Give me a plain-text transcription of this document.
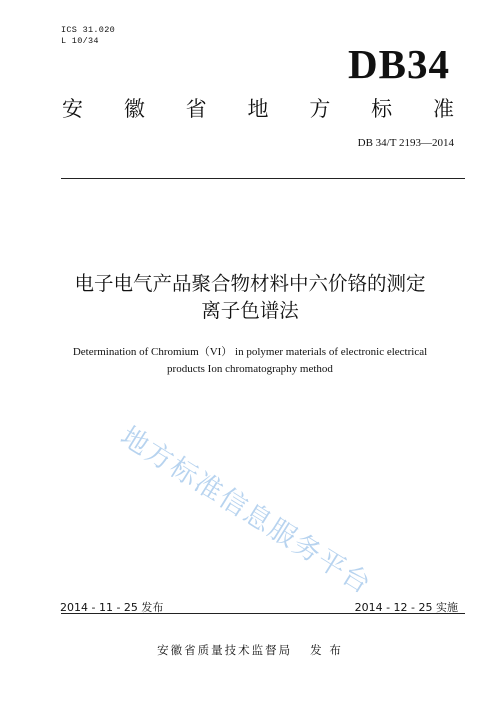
ICS 31.020
L 10/34	DB34
安 徽 省 地 方 标 准
DB 34/T 2193—2014
电子电气产品聚合物材料中六价铬的测定
离子色谱法
Determination of Chromium（VI） in polymer materials of electronic electrical
products Ion chromatography method
地方标准信息服务平台
2014 - 11 - 25 发布	2014 - 12 - 25 实施
安徽省质量技术监督局 发 布
